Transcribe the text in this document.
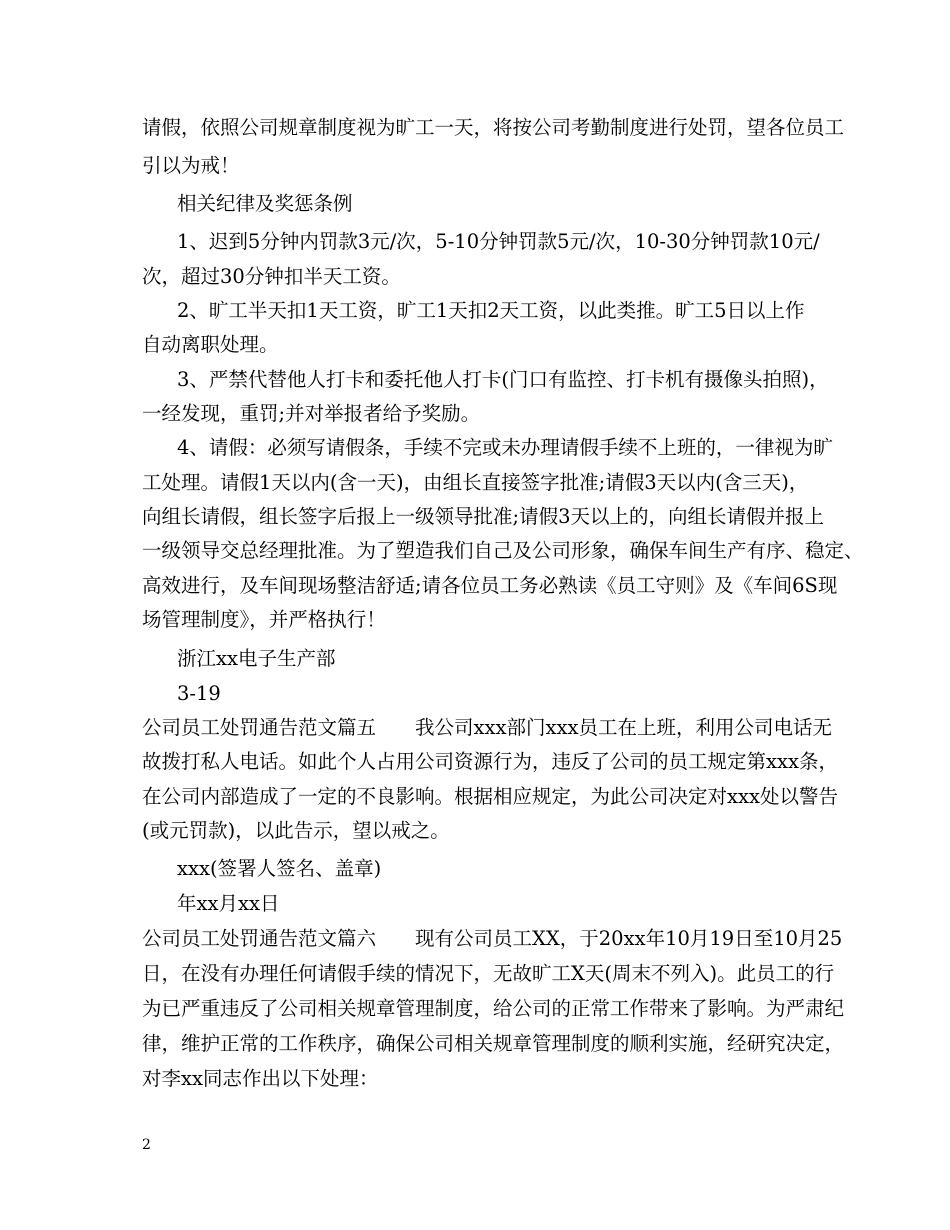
请假，依照公司规章制度视为旷工一天，将按公司考勤制度进行处罚，望各位员工
引以为戒！
相关纪律及奖惩条例
1、迟到5分钟内罚款3元/次，5-10分钟罚款5元/次，10-30分钟罚款10元/
次，超过30分钟扣半天工资。
2、旷工半天扣1天工资，旷工1天扣2天工资，以此类推。旷工5日以上作
自动离职处理。
3、严禁代替他人打卡和委托他人打卡(门口有监控、打卡机有摄像头拍照)，
一经发现，重罚;并对举报者给予奖励。
4、请假：必须写请假条，手续不完或未办理请假手续不上班的，一律视为旷
工处理。请假1天以内(含一天)，由组长直接签字批准;请假3天以内(含三天)，
向组长请假，组长签字后报上一级领导批准;请假3天以上的，向组长请假并报上
一级领导交总经理批准。为了塑造我们自己及公司形象，确保车间生产有序、稳定、
高效进行，及车间现场整洁舒适;请各位员工务必熟读《员工守则》及《车间6S现
场管理制度》，并严格执行！
浙江xx电子生产部
3-19
公司员工处罚通告范文篇五　　我公司xxx部门xxx员工在上班，利用公司电话无
故拨打私人电话。如此个人占用公司资源行为，违反了公司的员工规定第xxx条，
在公司内部造成了一定的不良影响。根据相应规定，为此公司决定对xxx处以警告
(或元罚款)，以此告示，望以戒之。
xxx(签署人签名、盖章)
年xx月xx日
公司员工处罚通告范文篇六　　现有公司员工XX，于20xx年10月19日至10月25
日，在没有办理任何请假手续的情况下，无故旷工X天(周末不列入)。此员工的行
为已严重违反了公司相关规章管理制度，给公司的正常工作带来了影响。为严肃纪
律，维护正常的工作秩序，确保公司相关规章管理制度的顺利实施，经研究决定，
对李xx同志作出以下处理：
2
